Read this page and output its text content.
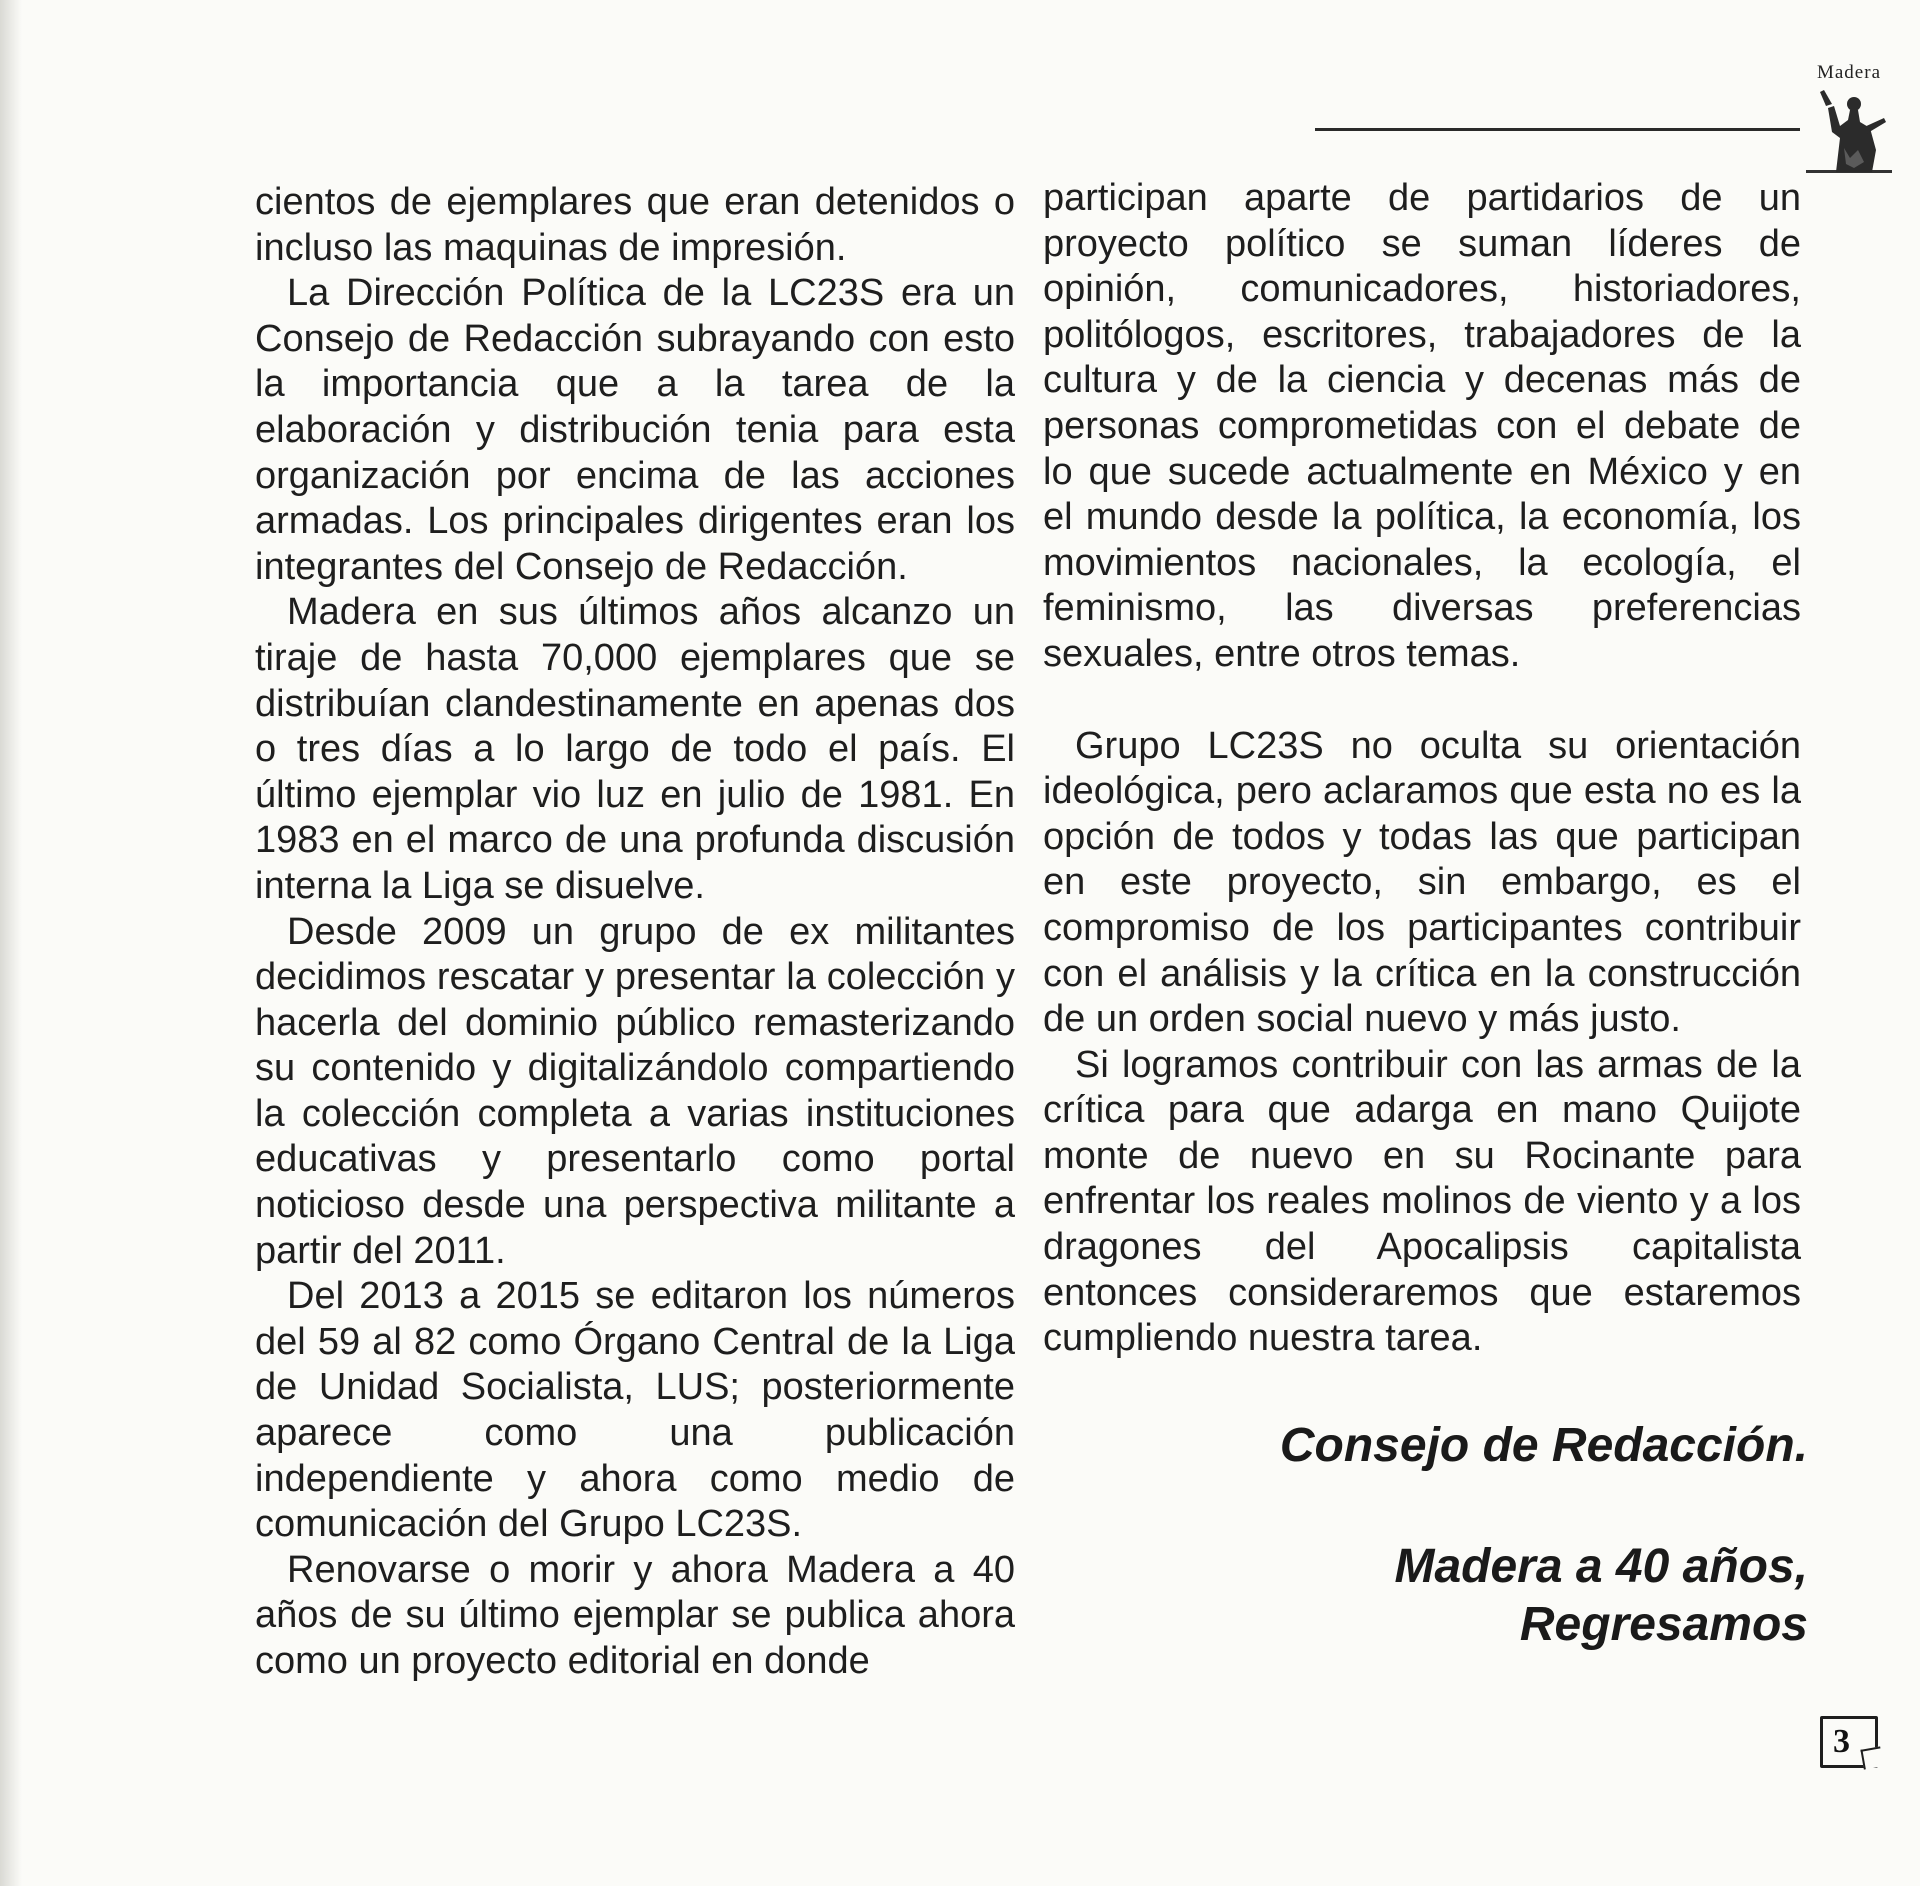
Madera

cientos de ejemplares que eran detenidos o incluso las maquinas de impresión.

La Dirección Política de la LC23S era un Consejo de Redacción subrayando con esto la importancia que a la tarea de la elaboración y distribución tenia para esta organización por encima de las acciones armadas. Los principales dirigentes eran los integrantes del Consejo de Redacción.

Madera en sus últimos años alcanzo un tiraje de hasta 70,000 ejemplares que se distribuían clandestinamente en apenas dos o tres días a lo largo de todo el país. El último ejemplar vio luz en julio de 1981. En 1983 en el marco de una profunda discusión interna la Liga se disuelve.

Desde 2009 un grupo de ex militantes decidimos rescatar y presentar la colección y hacerla del dominio público remasterizando su contenido y digitalizándolo compartiendo la colección completa a varias instituciones educativas y presentarlo como portal noticioso desde una perspectiva militante a partir del 2011.

Del 2013 a 2015 se editaron los números del 59 al 82 como Órgano Central de la Liga de Unidad Socialista, LUS; posteriormente aparece como una publicación independiente y ahora como medio de comunicación del Grupo LC23S.

Renovarse o morir y ahora Madera a 40 años de su último ejemplar se publica ahora como un proyecto editorial en donde

participan aparte de partidarios de un proyecto político se suman líderes de opinión, comunicadores, historiadores, politólogos, escritores, trabajadores de la cultura y de la ciencia y decenas más de personas comprometidas con el debate de lo que sucede actualmente en México y en el mundo desde la política, la economía, los movimientos nacionales, la ecología, el feminismo, las diversas preferencias sexuales, entre otros temas.

Grupo LC23S no oculta su orientación ideológica, pero aclaramos que esta no es la opción de todos y todas las que participan en este proyecto, sin embargo, es el compromiso de los participantes contribuir con el análisis y la crítica en la construcción de un orden social nuevo y más justo.

Si logramos contribuir con las armas de la crítica para que adarga en mano Quijote monte de nuevo en su Rocinante para enfrentar los reales molinos de viento y a los dragones del Apocalipsis capitalista entonces consideraremos que estaremos cumpliendo nuestra tarea.

Consejo de Redacción.
Madera a 40 años,
Regresamos
3
